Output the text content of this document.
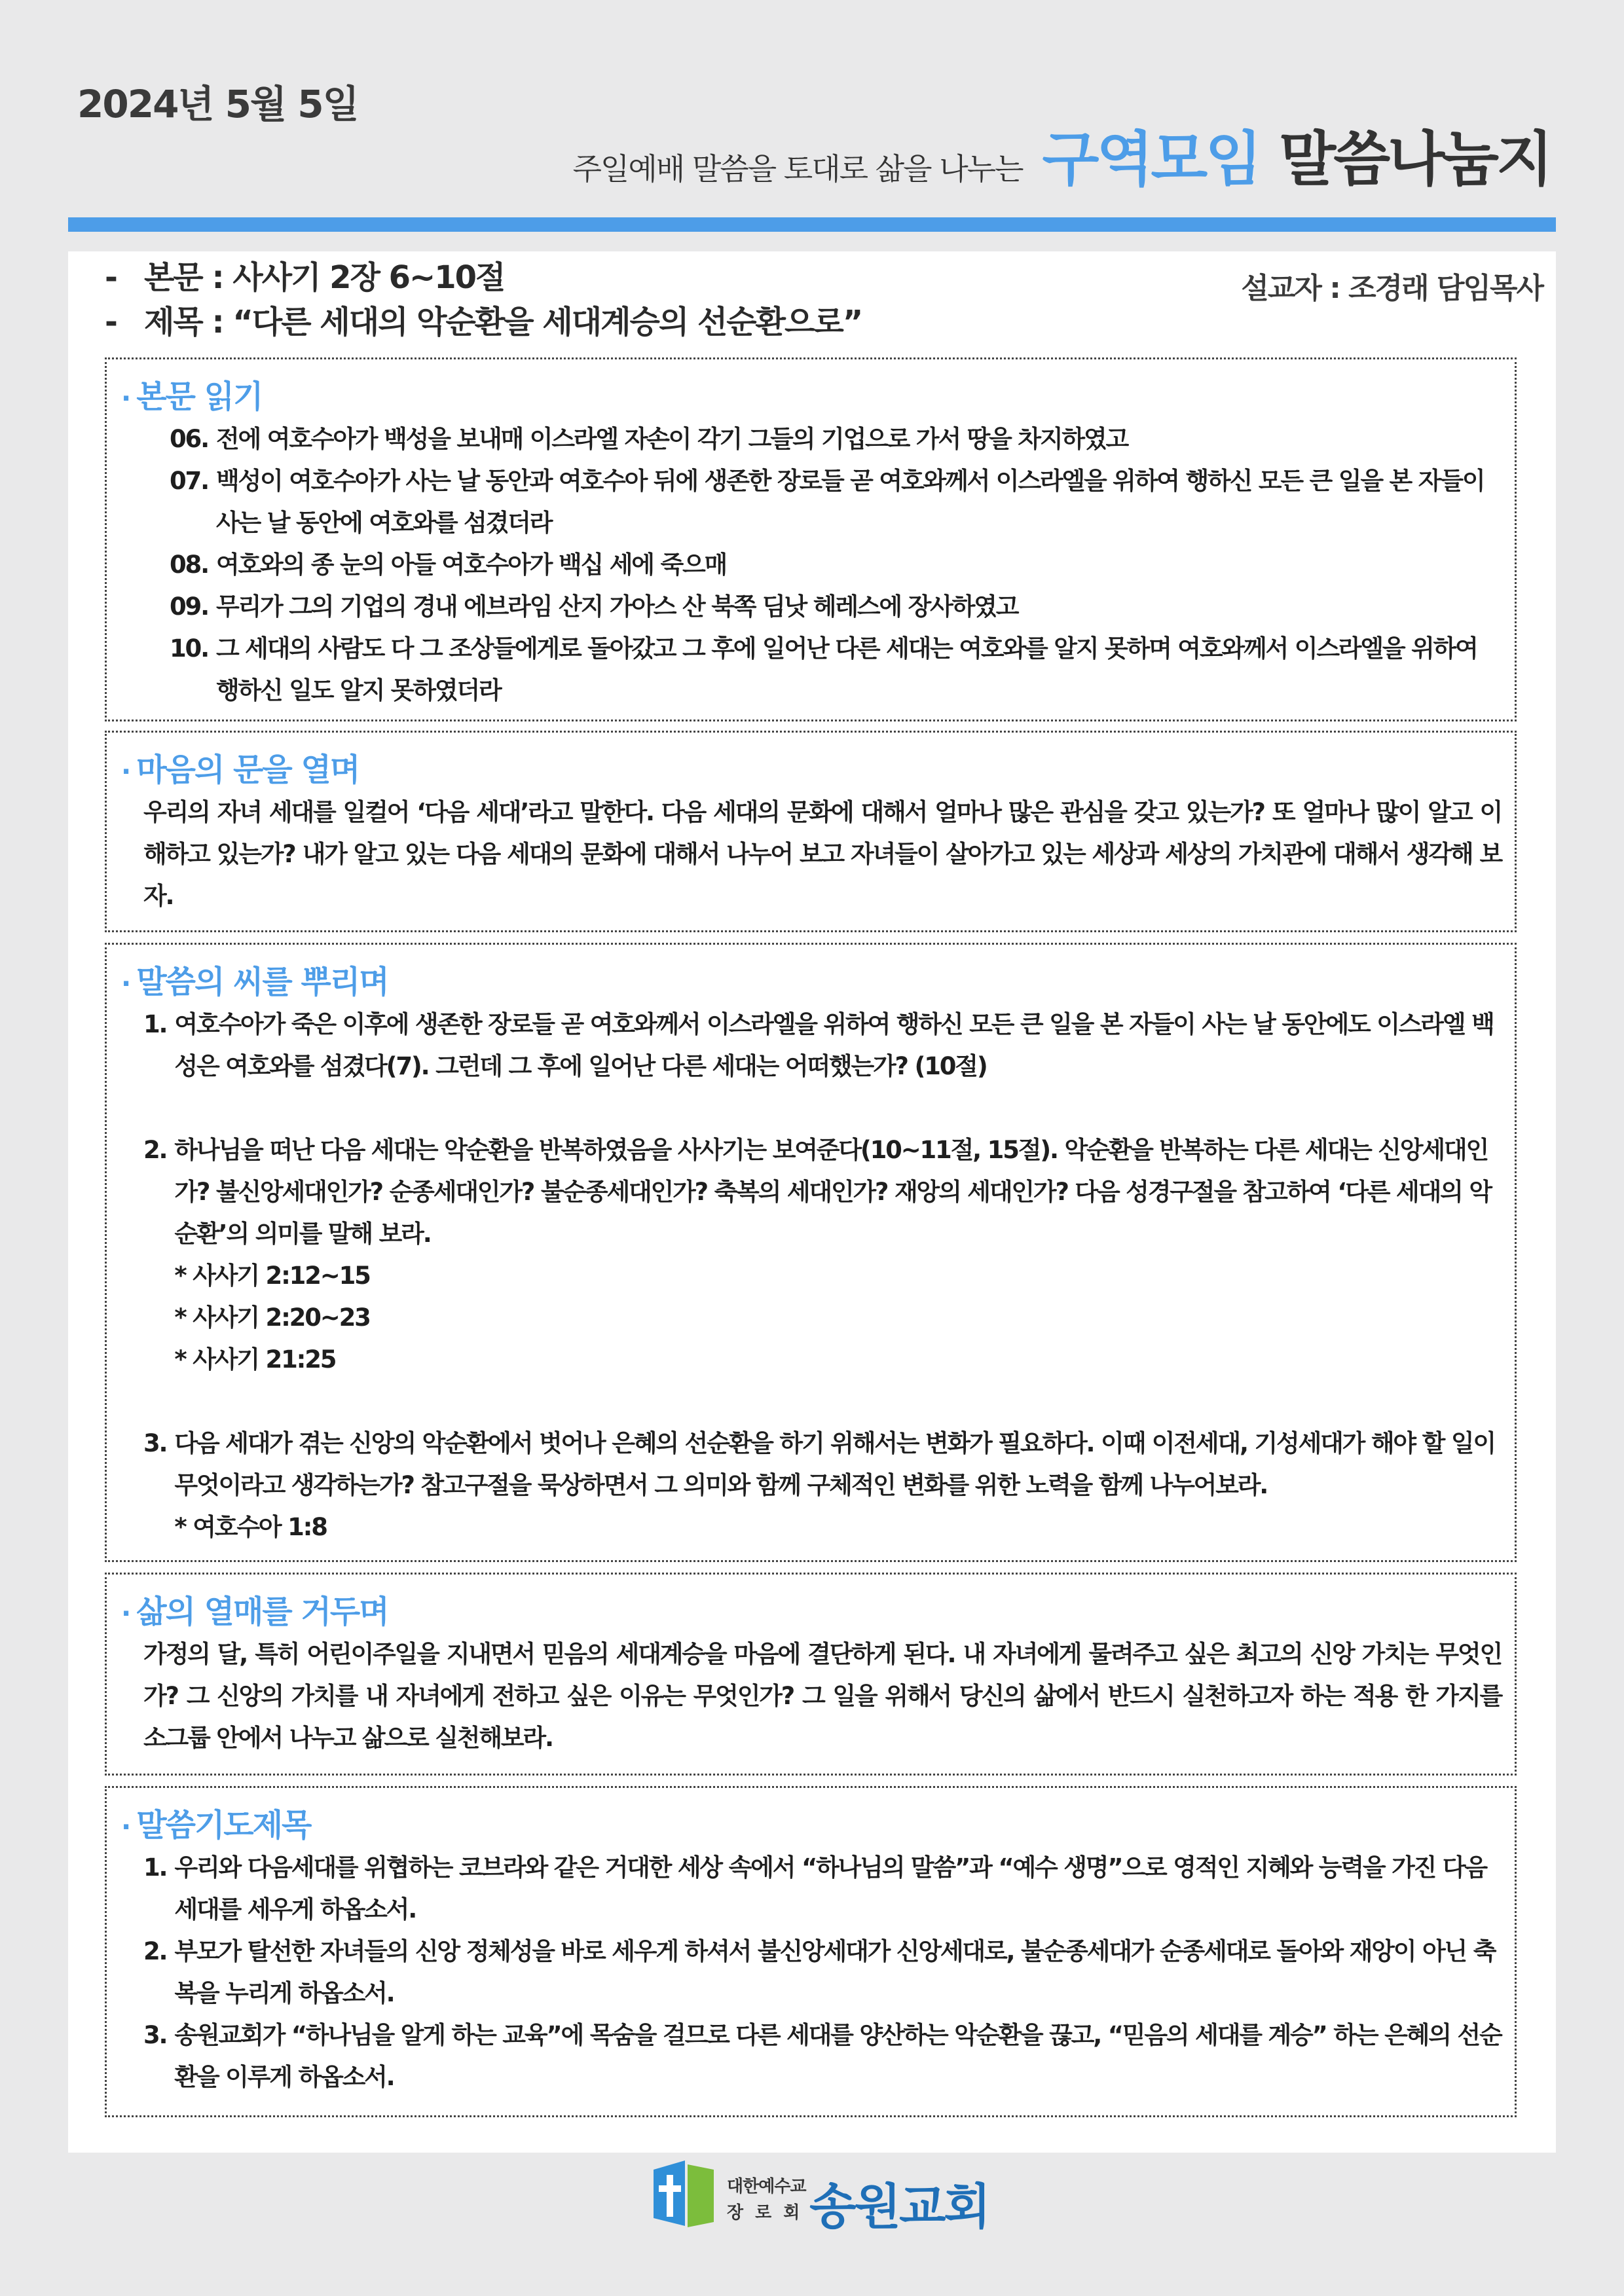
2024년 5월 5일
주일예배 말씀을 토대로 삶을 나누는 구역모임 말씀나눔지
- 본문 : 사사기 2장 6~10절
- 제목 : “다른 세대의 악순환을 세대계승의 선순환으로”
설교자 : 조경래 담임목사
· 본문 읽기
06. 전에 여호수아가 백성을 보내매 이스라엘 자손이 각기 그들의 기업으로 가서 땅을 차지하였고
07. 백성이 여호수아가 사는 날 동안과 여호수아 뒤에 생존한 장로들 곧 여호와께서 이스라엘을 위하여 행하신 모든 큰 일을 본 자들이 사는 날 동안에 여호와를 섬겼더라
08. 여호와의 종 눈의 아들 여호수아가 백십 세에 죽으매
09. 무리가 그의 기업의 경내 에브라임 산지 가아스 산 북쪽 딤낫 헤레스에 장사하였고
10. 그 세대의 사람도 다 그 조상들에게로 돌아갔고 그 후에 일어난 다른 세대는 여호와를 알지 못하며 여호와께서 이스라엘을 위하여 행하신 일도 알지 못하였더라
· 마음의 문을 열며
우리의 자녀 세대를 일컬어 ‘다음 세대’라고 말한다. 다음 세대의 문화에 대해서 얼마나 많은 관심을 갖고 있는가? 또 얼마나 많이 알고 이해하고 있는가? 내가 알고 있는 다음 세대의 문화에 대해서 나누어 보고 자녀들이 살아가고 있는 세상과 세상의 가치관에 대해서 생각해 보자.
· 말씀의 씨를 뿌리며
1. 여호수아가 죽은 이후에 생존한 장로들 곧 여호와께서 이스라엘을 위하여 행하신 모든 큰 일을 본 자들이 사는 날 동안에도 이스라엘 백성은 여호와를 섬겼다(7). 그런데 그 후에 일어난 다른 세대는 어떠했는가? (10절)
2. 하나님을 떠난 다음 세대는 악순환을 반복하였음을 사사기는 보여준다(10~11절, 15절). 악순환을 반복하는 다른 세대는 신앙세대인가? 불신앙세대인가? 순종세대인가? 불순종세대인가? 축복의 세대인가? 재앙의 세대인가? 다음 성경구절을 참고하여 ‘다른 세대의 악순환’의 의미를 말해 보라.
* 사사기 2:12~15
* 사사기 2:20~23
* 사사기 21:25
3. 다음 세대가 겪는 신앙의 악순환에서 벗어나 은혜의 선순환을 하기 위해서는 변화가 필요하다. 이때 이전세대, 기성세대가 해야 할 일이 무엇이라고 생각하는가? 참고구절을 묵상하면서 그 의미와 함께 구체적인 변화를 위한 노력을 함께 나누어보라.
* 여호수아 1:8
· 삶의 열매를 거두며
가정의 달, 특히 어린이주일을 지내면서 믿음의 세대계승을 마음에 결단하게 된다. 내 자녀에게 물려주고 싶은 최고의 신앙 가치는 무엇인가? 그 신앙의 가치를 내 자녀에게 전하고 싶은 이유는 무엇인가? 그 일을 위해서 당신의 삶에서 반드시 실천하고자 하는 적용 한 가지를 소그룹 안에서 나누고 삶으로 실천해보라.
· 말씀기도제목
1. 우리와 다음세대를 위협하는 코브라와 같은 거대한 세상 속에서 “하나님의 말씀”과 “예수 생명”으로 영적인 지혜와 능력을 가진 다음세대를 세우게 하옵소서.
2. 부모가 탈선한 자녀들의 신앙 정체성을 바로 세우게 하셔서 불신앙세대가 신앙세대로, 불순종세대가 순종세대로 돌아와 재앙이 아닌 축복을 누리게 하옵소서.
3. 송원교회가 “하나님을 알게 하는 교육”에 목숨을 걸므로 다른 세대를 양산하는 악순환을 끊고, “믿음의 세대를 계승” 하는 은혜의 선순환을 이루게 하옵소서.
대한예수교
장로회
송원교회
